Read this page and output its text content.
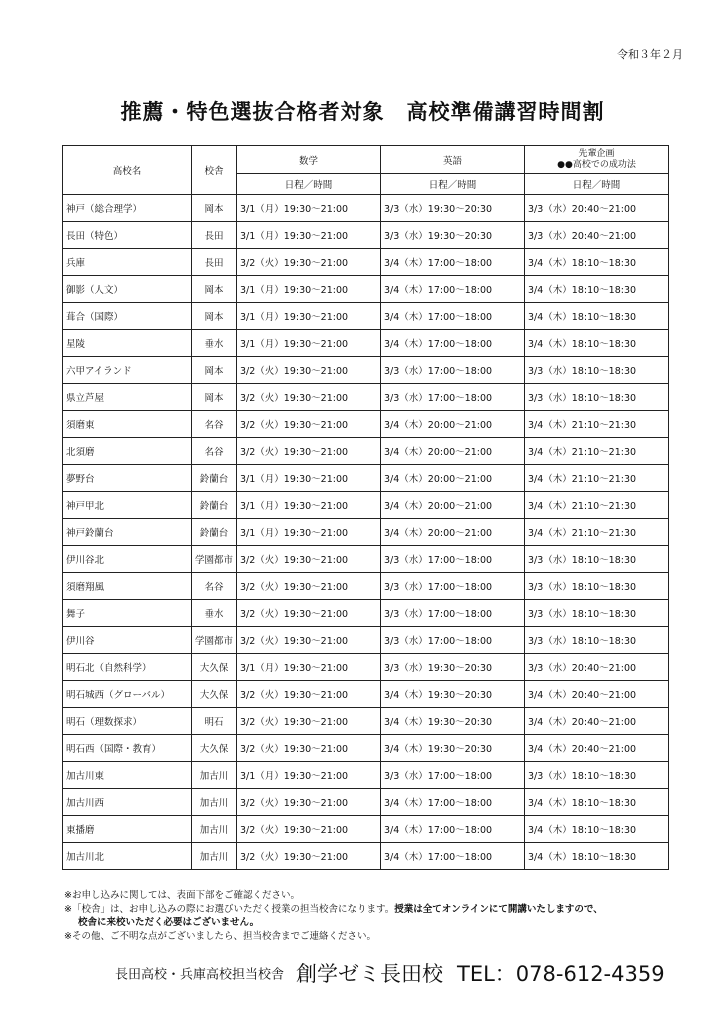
令和３年２月
推薦・特色選抜合格者対象　高校準備講習時間割
高校名	校舎	数学	英語	先輩企画
●●高校での成功法

		日程／時間	日程／時間	日程／時間
神戸（総合理学）	岡本	3/1（月）19:30～21:00	3/3（水）19:30～20:30	3/3（水）20:40～21:00
長田（特色）	長田	3/1（月）19:30～21:00	3/3（水）19:30～20:30	3/3（水）20:40～21:00
兵庫	長田	3/2（火）19:30～21:00	3/4（木）17:00～18:00	3/4（木）18:10～18:30
御影（人文）	岡本	3/1（月）19:30～21:00	3/4（木）17:00～18:00	3/4（木）18:10～18:30
葺合（国際）	岡本	3/1（月）19:30～21:00	3/4（木）17:00～18:00	3/4（木）18:10～18:30
星陵	垂水	3/1（月）19:30～21:00	3/4（木）17:00～18:00	3/4（木）18:10～18:30
六甲アイランド	岡本	3/2（火）19:30～21:00	3/3（水）17:00～18:00	3/3（水）18:10～18:30
県立芦屋	岡本	3/2（火）19:30～21:00	3/3（水）17:00～18:00	3/3（水）18:10～18:30
須磨東	名谷	3/2（火）19:30～21:00	3/4（木）20:00～21:00	3/4（木）21:10～21:30
北須磨	名谷	3/2（火）19:30～21:00	3/4（木）20:00～21:00	3/4（木）21:10～21:30
夢野台	鈴蘭台	3/1（月）19:30～21:00	3/4（木）20:00～21:00	3/4（木）21:10～21:30
神戸甲北	鈴蘭台	3/1（月）19:30～21:00	3/4（木）20:00～21:00	3/4（木）21:10～21:30
神戸鈴蘭台	鈴蘭台	3/1（月）19:30～21:00	3/4（木）20:00～21:00	3/4（木）21:10～21:30
伊川谷北	学園都市	3/2（火）19:30～21:00	3/3（水）17:00～18:00	3/3（水）18:10～18:30
須磨翔風	名谷	3/2（火）19:30～21:00	3/3（水）17:00～18:00	3/3（水）18:10～18:30
舞子	垂水	3/2（火）19:30～21:00	3/3（水）17:00～18:00	3/3（水）18:10～18:30
伊川谷	学園都市	3/2（火）19:30～21:00	3/3（水）17:00～18:00	3/3（水）18:10～18:30
明石北（自然科学）	大久保	3/1（月）19:30～21:00	3/3（水）19:30～20:30	3/3（水）20:40～21:00
明石城西（グローバル）	大久保	3/2（火）19:30～21:00	3/4（木）19:30～20:30	3/4（木）20:40～21:00
明石（理数探求）	明石	3/2（火）19:30～21:00	3/4（木）19:30～20:30	3/4（木）20:40～21:00
明石西（国際・教育）	大久保	3/2（火）19:30～21:00	3/4（木）19:30～20:30	3/4（木）20:40～21:00
加古川東	加古川	3/1（月）19:30～21:00	3/3（水）17:00～18:00	3/3（水）18:10～18:30
加古川西	加古川	3/2（火）19:30～21:00	3/4（木）17:00～18:00	3/4（木）18:10～18:30
東播磨	加古川	3/2（火）19:30～21:00	3/4（木）17:00～18:00	3/4（木）18:10～18:30
加古川北	加古川	3/2（火）19:30～21:00	3/4（木）17:00～18:00	3/4（木）18:10～18:30
※お申し込みに関しては、表面下部をご確認ください。
※「校舎」は、お申し込みの際にお選びいただく授業の担当校舎になります。授業は全てオンラインにて開講いたしますので、
校舎に来校いただく必要はございません。
※その他、ご不明な点がございましたら、担当校舎までご連絡ください。
長田高校・兵庫高校担当校舎 創学ゼミ長田校 TEL：078-612-4359
